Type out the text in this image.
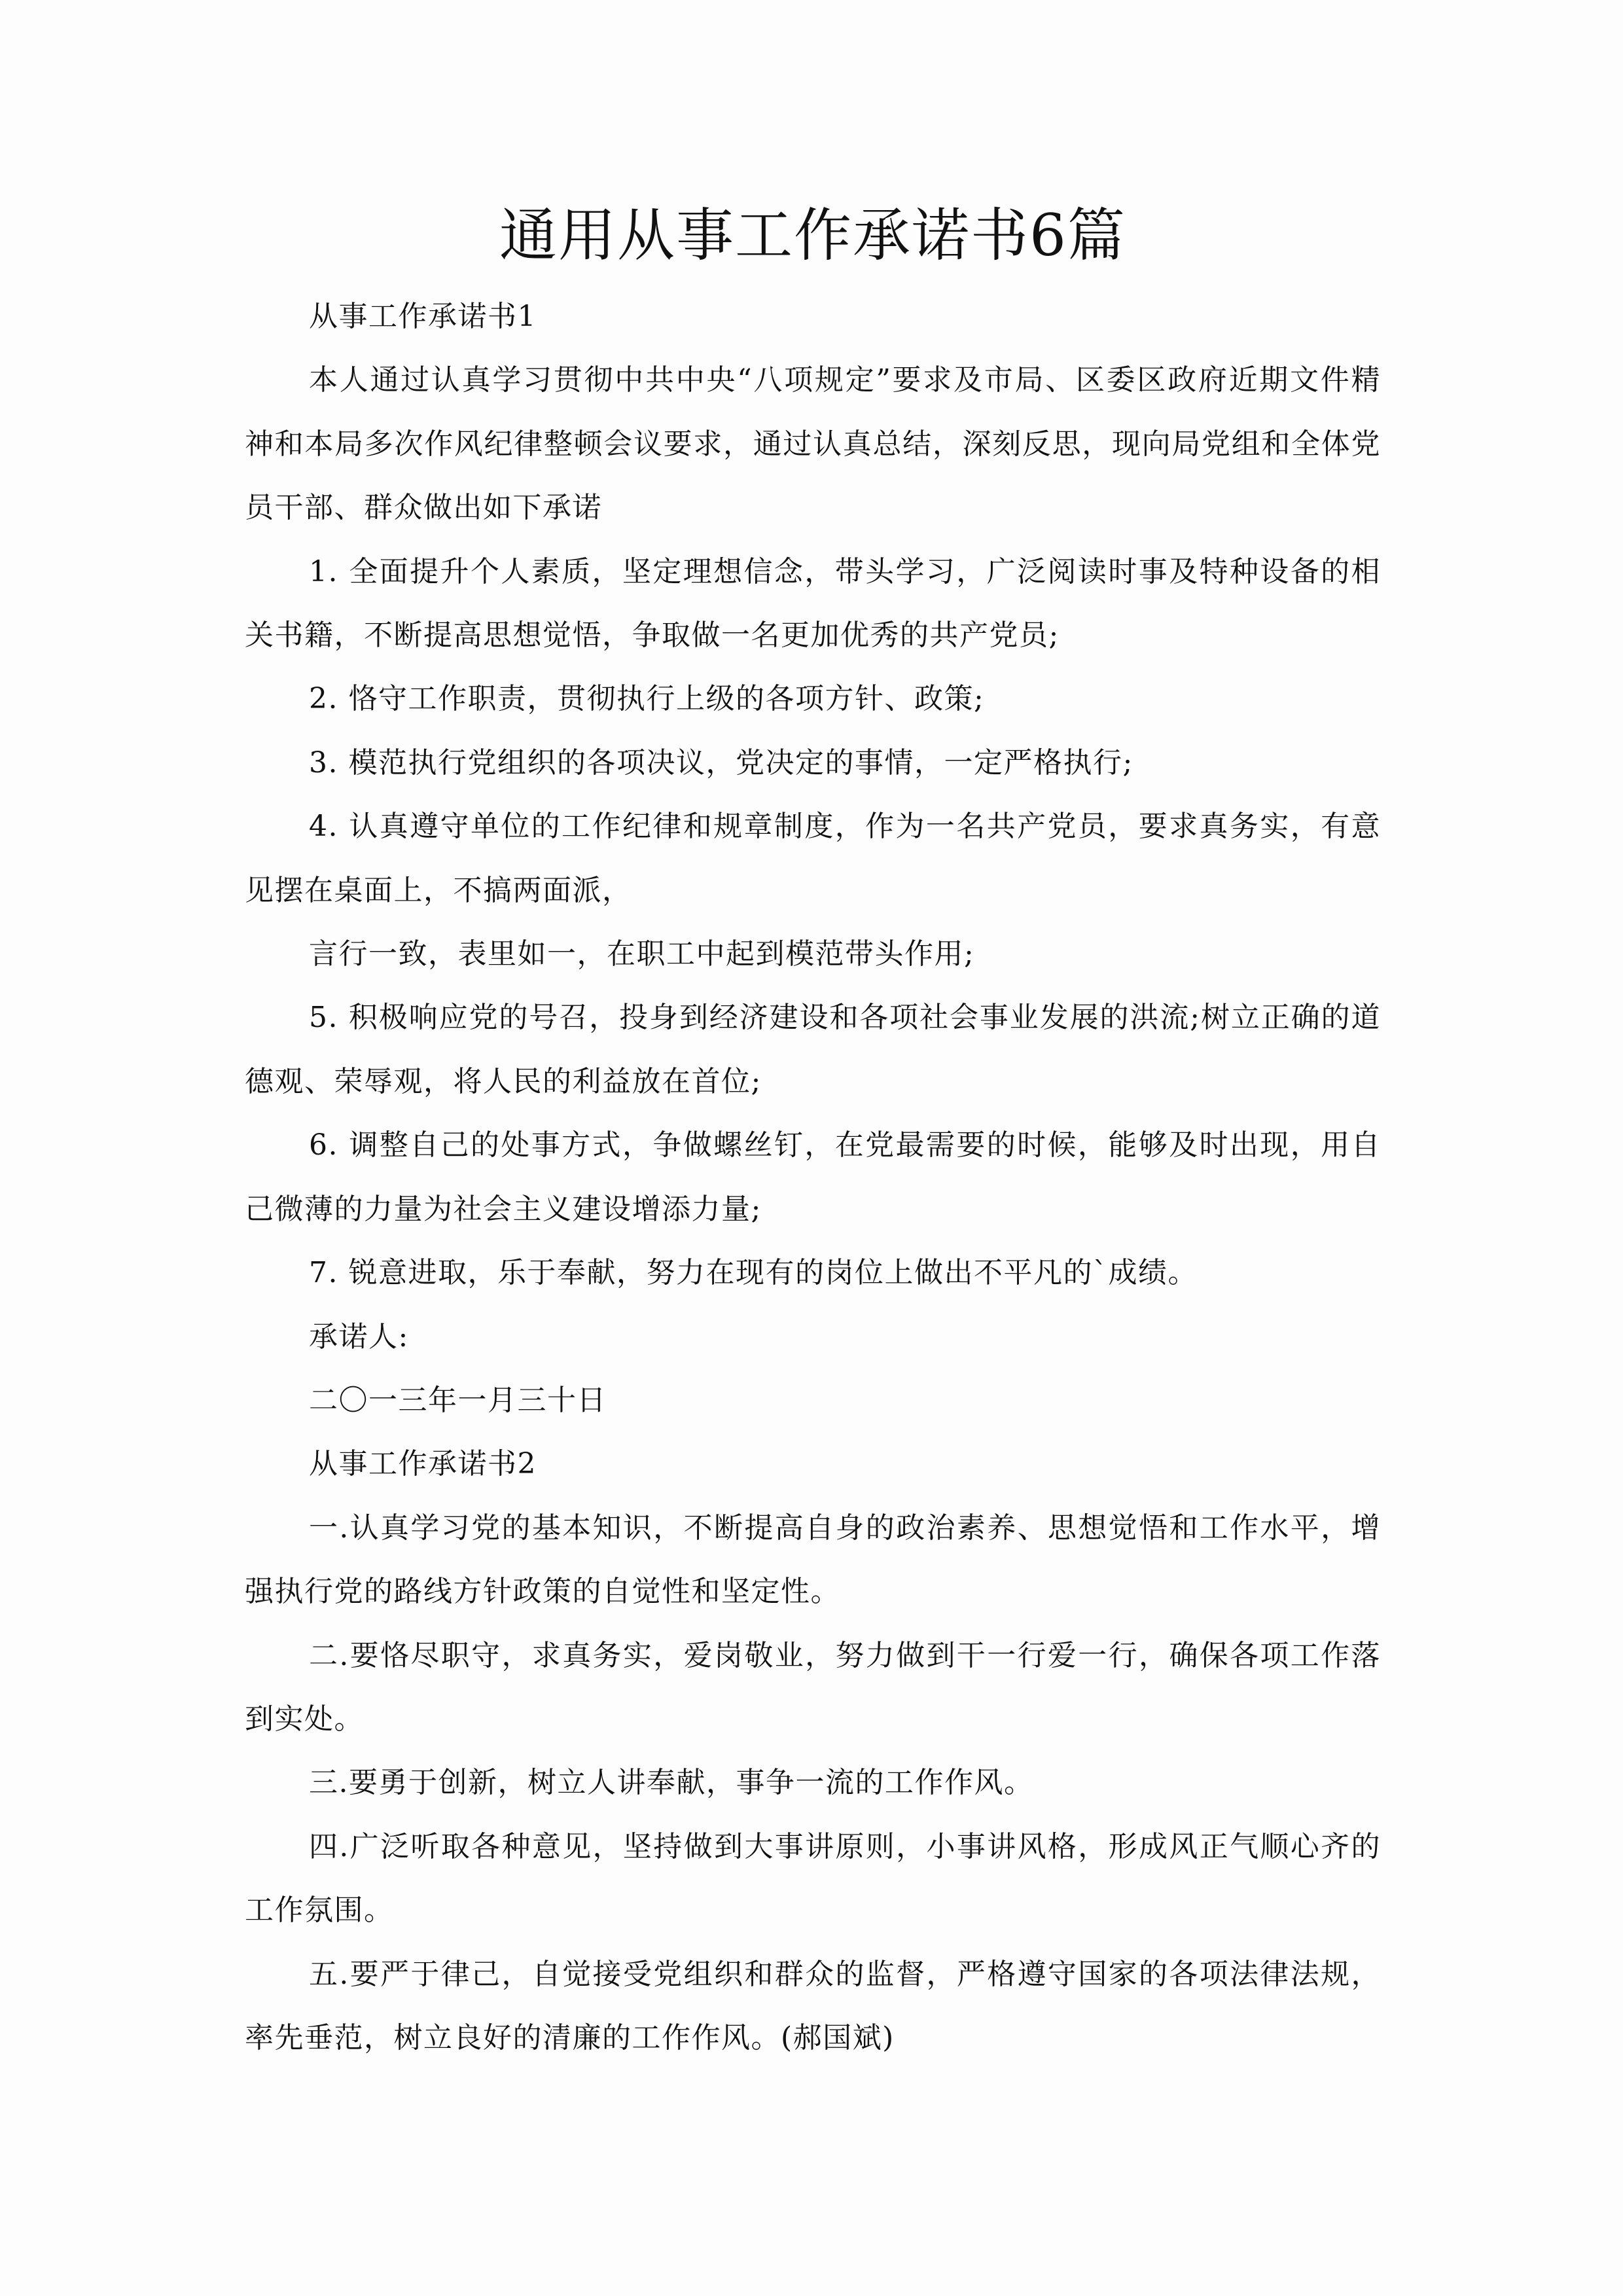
通用从事工作承诺书6篇

从事工作承诺书1

本人通过认真学习贯彻中共中央“八项规定”要求及市局、区委区政府近期文件精神和本局多次作风纪律整顿会议要求，通过认真总结，深刻反思，现向局党组和全体党员干部、群众做出如下承诺

1. 全面提升个人素质，坚定理想信念，带头学习，广泛阅读时事及特种设备的相关书籍，不断提高思想觉悟，争取做一名更加优秀的共产党员;

2. 恪守工作职责，贯彻执行上级的各项方针、政策;

3. 模范执行党组织的各项决议，党决定的事情，一定严格执行;

4. 认真遵守单位的工作纪律和规章制度，作为一名共产党员，要求真务实，有意见摆在桌面上，不搞两面派，

言行一致，表里如一，在职工中起到模范带头作用;

5. 积极响应党的号召，投身到经济建设和各项社会事业发展的洪流;树立正确的道德观、荣辱观，将人民的利益放在首位;

6. 调整自己的处事方式，争做螺丝钉，在党最需要的时候，能够及时出现，用自己微薄的力量为社会主义建设增添力量;

7. 锐意进取，乐于奉献，努力在现有的岗位上做出不平凡的`成绩。

承诺人:

二〇一三年一月三十日

从事工作承诺书2

一.认真学习党的基本知识，不断提高自身的政治素养、思想觉悟和工作水平，增强执行党的路线方针政策的自觉性和坚定性。

二.要恪尽职守，求真务实，爱岗敬业，努力做到干一行爱一行，确保各项工作落到实处。

三.要勇于创新，树立人讲奉献，事争一流的工作作风。

四.广泛听取各种意见，坚持做到大事讲原则，小事讲风格，形成风正气顺心齐的工作氛围。

五.要严于律己，自觉接受党组织和群众的监督，严格遵守国家的各项法律法规，率先垂范，树立良好的清廉的工作作风。(郝国斌)
